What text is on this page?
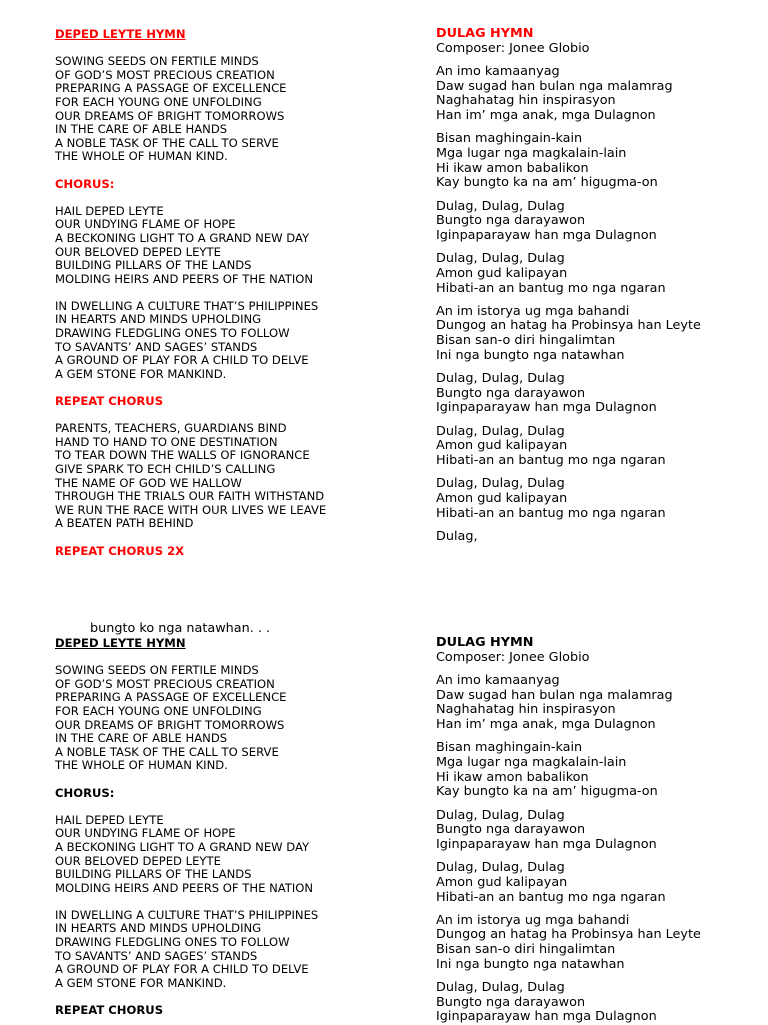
DEPED LEYTE HYMN
SOWING SEEDS ON FERTILE MINDS
OF GOD’S MOST PRECIOUS CREATION
PREPARING A PASSAGE OF EXCELLENCE
FOR EACH YOUNG ONE UNFOLDING
OUR DREAMS OF BRIGHT TOMORROWS
IN THE CARE OF ABLE HANDS
A NOBLE TASK OF THE CALL TO SERVE
THE WHOLE OF HUMAN KIND.
CHORUS:
HAIL DEPED LEYTE
OUR UNDYING FLAME OF HOPE
A BECKONING LIGHT TO A GRAND NEW DAY
OUR BELOVED DEPED LEYTE
BUILDING PILLARS OF THE LANDS
MOLDING HEIRS AND PEERS OF THE NATION
IN DWELLING A CULTURE THAT’S PHILIPPINES
IN HEARTS AND MINDS UPHOLDING
DRAWING FLEDGLING ONES TO FOLLOW
TO SAVANTS’ AND SAGES’ STANDS
A GROUND OF PLAY FOR A CHILD TO DELVE
A GEM STONE FOR MANKIND.
REPEAT CHORUS
PARENTS, TEACHERS, GUARDIANS BIND
HAND TO HAND TO ONE DESTINATION
TO TEAR DOWN THE WALLS OF IGNORANCE
GIVE SPARK TO ECH CHILD’S CALLING
THE NAME OF GOD WE HALLOW
THROUGH THE TRIALS OUR FAITH WITHSTAND
WE RUN THE RACE WITH OUR LIVES WE LEAVE
A BEATEN PATH BEHIND
REPEAT CHORUS 2X
DULAG HYMN
Composer: Jonee Globio
An imo kamaanyag
Daw sugad han bulan nga malamrag
Naghahatag hin inspirasyon
Han im’ mga anak, mga Dulagnon
Bisan maghingain-kain
Mga lugar nga magkalain-lain
Hi ikaw amon babalikon
Kay bungto ka na am’ higugma-on
Dulag, Dulag, Dulag
Bungto nga darayawon
Iginpaparayaw han mga Dulagnon
Dulag, Dulag, Dulag
Amon gud kalipayan
Hibati-an an bantug mo nga ngaran
An im istorya ug mga bahandi
Dungog an hatag ha Probinsya han Leyte
Bisan san-o diri hingalimtan
Ini nga bungto nga natawhan
Dulag, Dulag, Dulag
Bungto nga darayawon
Iginpaparayaw han mga Dulagnon
Dulag, Dulag, Dulag
Amon gud kalipayan
Hibati-an an bantug mo nga ngaran
Dulag, Dulag, Dulag
Amon gud kalipayan
Hibati-an an bantug mo nga ngaran
Dulag,
bungto ko nga natawhan. . .
DEPED LEYTE HYMN
SOWING SEEDS ON FERTILE MINDS
OF GOD’S MOST PRECIOUS CREATION
PREPARING A PASSAGE OF EXCELLENCE
FOR EACH YOUNG ONE UNFOLDING
OUR DREAMS OF BRIGHT TOMORROWS
IN THE CARE OF ABLE HANDS
A NOBLE TASK OF THE CALL TO SERVE
THE WHOLE OF HUMAN KIND.
CHORUS:
HAIL DEPED LEYTE
OUR UNDYING FLAME OF HOPE
A BECKONING LIGHT TO A GRAND NEW DAY
OUR BELOVED DEPED LEYTE
BUILDING PILLARS OF THE LANDS
MOLDING HEIRS AND PEERS OF THE NATION
IN DWELLING A CULTURE THAT’S PHILIPPINES
IN HEARTS AND MINDS UPHOLDING
DRAWING FLEDGLING ONES TO FOLLOW
TO SAVANTS’ AND SAGES’ STANDS
A GROUND OF PLAY FOR A CHILD TO DELVE
A GEM STONE FOR MANKIND.
REPEAT CHORUS
DULAG HYMN
Composer: Jonee Globio
An imo kamaanyag
Daw sugad han bulan nga malamrag
Naghahatag hin inspirasyon
Han im’ mga anak, mga Dulagnon
Bisan maghingain-kain
Mga lugar nga magkalain-lain
Hi ikaw amon babalikon
Kay bungto ka na am’ higugma-on
Dulag, Dulag, Dulag
Bungto nga darayawon
Iginpaparayaw han mga Dulagnon
Dulag, Dulag, Dulag
Amon gud kalipayan
Hibati-an an bantug mo nga ngaran
An im istorya ug mga bahandi
Dungog an hatag ha Probinsya han Leyte
Bisan san-o diri hingalimtan
Ini nga bungto nga natawhan
Dulag, Dulag, Dulag
Bungto nga darayawon
Iginpaparayaw han mga Dulagnon
